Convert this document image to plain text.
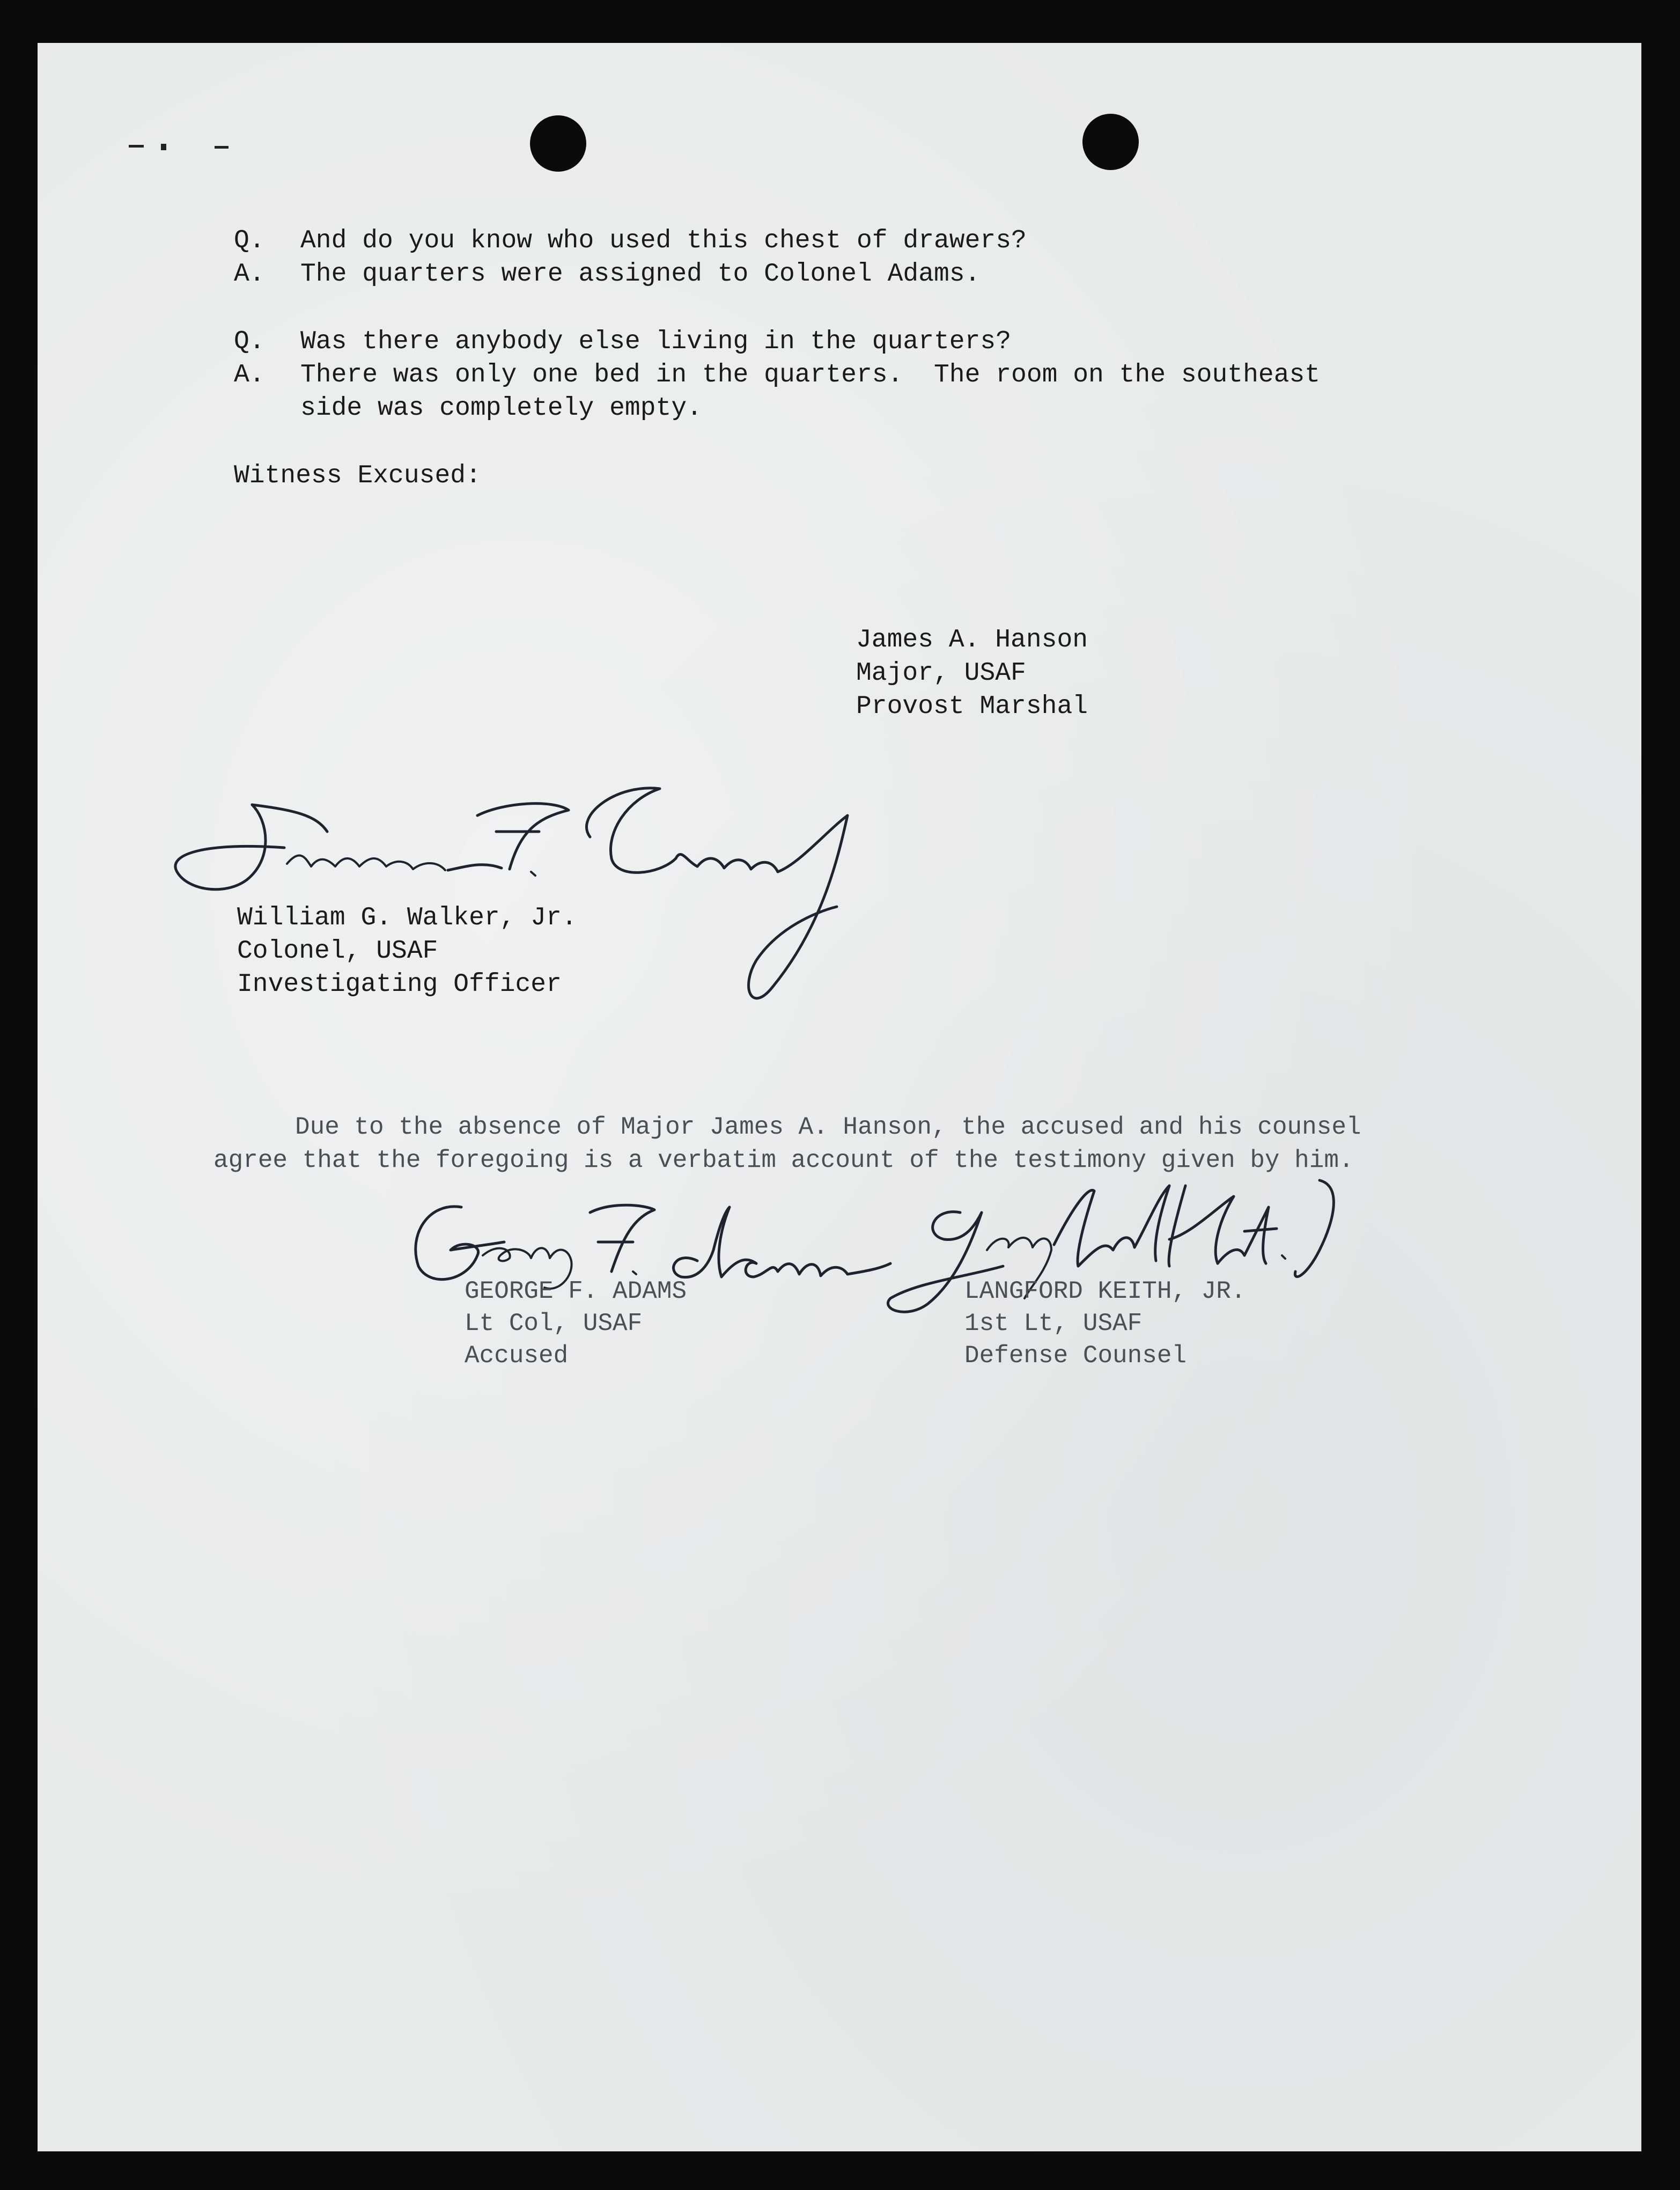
Q. And do you know who used this chest of drawers?
A. The quarters were assigned to Colonel Adams.
Q. Was there anybody else living in the quarters?
A. There was only one bed in the quarters.  The room on the southeast
side was completely empty.
Witness Excused:
James A. Hanson
Major, USAF
Provost Marshal
William G. Walker, Jr.
Colonel, USAF
Investigating Officer
Due to the absence of Major James A. Hanson, the accused and his counsel
agree that the foregoing is a verbatim account of the testimony given by him.
GEORGE F. ADAMS
Lt Col, USAF
Accused
LANGFORD KEITH, JR.
1st Lt, USAF
Defense Counsel
